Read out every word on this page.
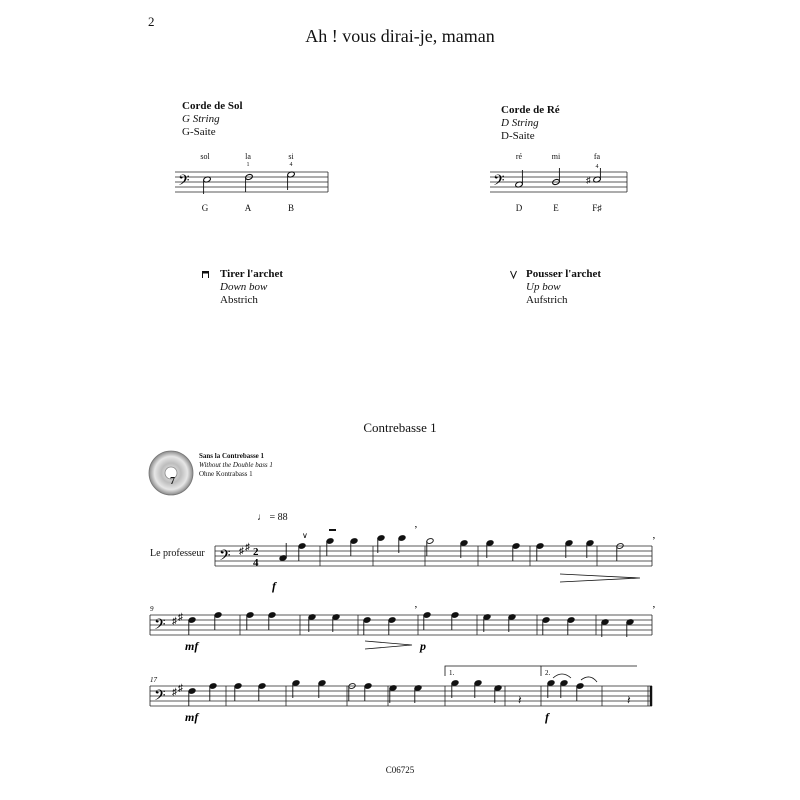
2
Ah ! vous dirai-je, maman
Corde de Sol
G String
G-Saite
sol	la	si
1	4
𝄢
G	A	B
Corde de Ré
D String
D-Saite
ré	mi	fa
4
𝄢	♯
D	E	F♯
Tirer l'archet
Down bow
Abstrich
Pousser l'archet
Up bow
Aufstrich
Contrebasse 1
7
Sans la Contrebasse 1
Without the Double bass 1
Ohne Kontrabass 1
♩ = 88
Le professeur 𝄢 ♯ ♯ 2
4
𝄢 ♯ ♯
9
𝄢 ♯ ♯
17
1.	2.
f
mf	p
mf	f
𝄽	𝄽
’
’
’	’
∨
C06725
